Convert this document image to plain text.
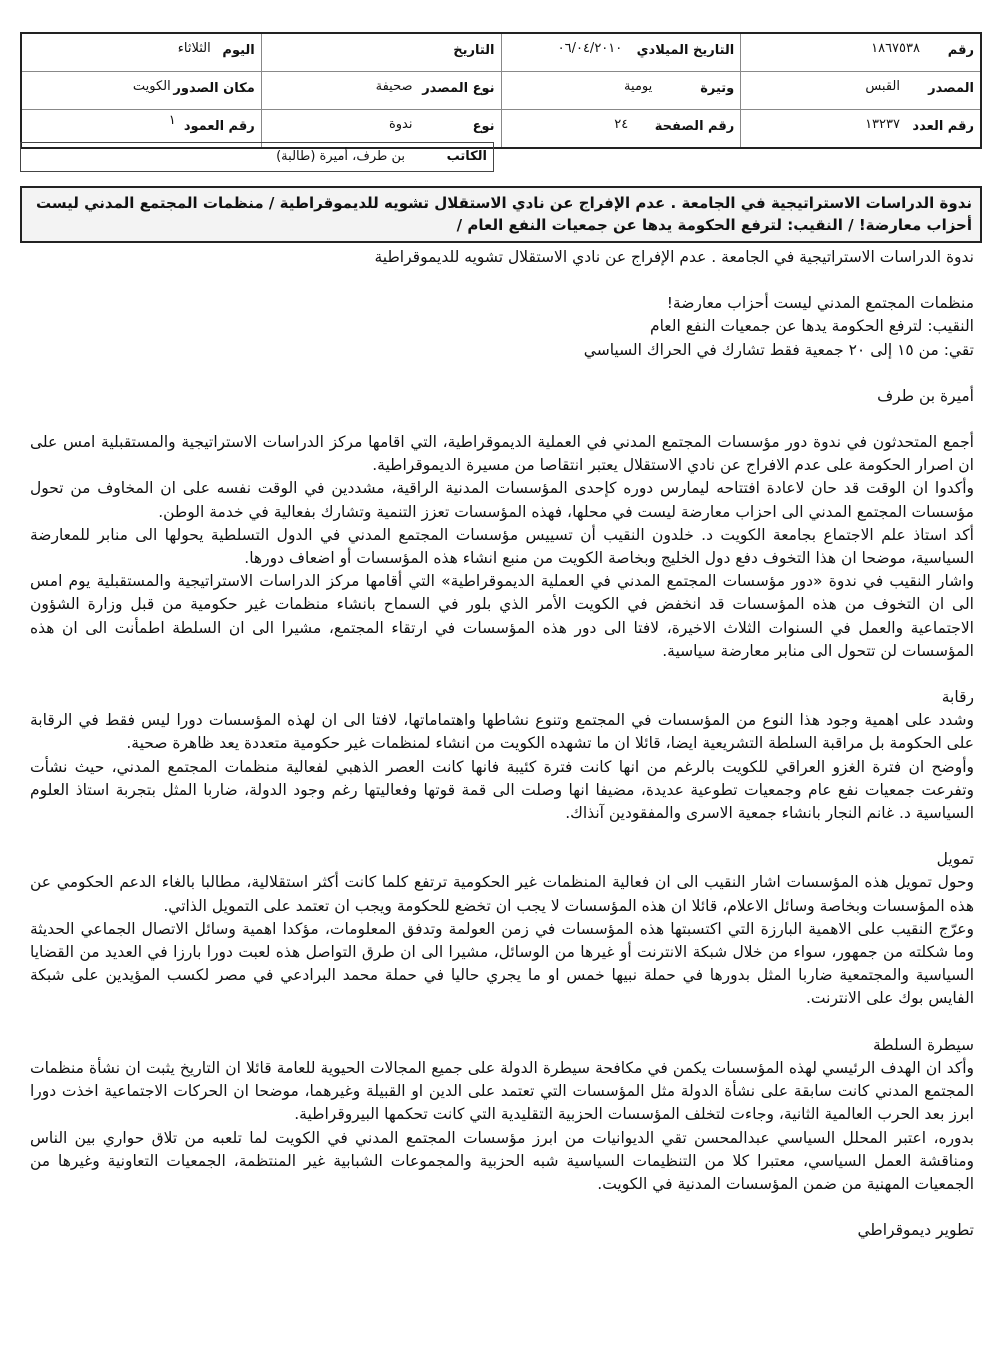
رقم
١٨٦٧٥٣٨
التاريخ الميلادي
٠٦/٠٤/٢٠١٠
التاريخ
اليوم
الثلاثاء
المصدر
القبس
وتيرة
يومية
نوع المصدر
صحيفة
مكان الصدور
الكويت
رقم العدد
١٣٢٣٧
رقم الصفحة
٢٤
نوع
ندوة
رقم العمود
١
الكاتب
بن طرف، أميرة (طالبة)
ندوة الدراسات الاستراتيجية في الجامعة . عدم الإفراج عن نادي الاستقلال تشويه للديموقراطية / منظمات المجتمع المدني ليست أحزاب معارضة! / النقيب: لترفع الحكومة يدها عن جمعيات النفع العام /

ندوة الدراسات الاستراتيجية في الجامعة . عدم الإفراج عن نادي الاستقلال تشويه للديموقراطية

منظمات المجتمع المدني ليست أحزاب معارضة!

النقيب: لترفع الحكومة يدها عن جمعيات النفع العام

تقي: من ١٥ إلى ٢٠ جمعية فقط تشارك في الحراك السياسي

أميرة بن طرف

أجمع المتحدثون في ندوة دور مؤسسات المجتمع المدني في العملية الديموقراطية، التي اقامها مركز الدراسات الاستراتيجية والمستقبلية امس على ان اصرار الحكومة على عدم الافراج عن نادي الاستقلال يعتبر انتقاصا من مسيرة الديموقراطية.

وأكدوا ان الوقت قد حان لاعادة افتتاحه ليمارس دوره كإحدى المؤسسات المدنية الراقية، مشددين في الوقت نفسه على ان المخاوف من تحول مؤسسات المجتمع المدني الى احزاب معارضة ليست في محلها، فهذه المؤسسات تعزز التنمية وتشارك بفعالية في خدمة الوطن.

أكد استاذ علم الاجتماع بجامعة الكويت د. خلدون النقيب أن تسييس مؤسسات المجتمع المدني في الدول التسلطية يحولها الى منابر للمعارضة السياسية، موضحا ان هذا التخوف دفع دول الخليج وبخاصة الكويت من منبع انشاء هذه المؤسسات أو اضعاف دورها.

واشار النقيب في ندوة «دور مؤسسات المجتمع المدني في العملية الديموقراطية» التي أقامها مركز الدراسات الاستراتيجية والمستقبلية يوم امس الى ان التخوف من هذه المؤسسات قد انخفض في الكويت الأمر الذي بلور في السماح بانشاء منظمات غير حكومية من قبل وزارة الشؤون الاجتماعية والعمل في السنوات الثلاث الاخيرة، لافتا الى دور هذه المؤسسات في ارتقاء المجتمع، مشيرا الى ان السلطة اطمأنت الى ان هذه المؤسسات لن تتحول الى منابر معارضة سياسية.

رقابة

وشدد على اهمية وجود هذا النوع من المؤسسات في المجتمع وتنوع نشاطها واهتماماتها، لافتا الى ان لهذه المؤسسات دورا ليس فقط في الرقابة على الحكومة بل مراقبة السلطة التشريعية ايضا، قائلا ان ما تشهده الكويت من انشاء لمنظمات غير حكومية متعددة يعد ظاهرة صحية.

وأوضح ان فترة الغزو العراقي للكويت بالرغم من انها كانت فترة كئيبة فانها كانت العصر الذهبي لفعالية منظمات المجتمع المدني، حيث نشأت وتفرعت جمعيات نفع عام وجمعيات تطوعية عديدة، مضيفا انها وصلت الى قمة قوتها وفعاليتها رغم وجود الدولة، ضاربا المثل بتجربة استاذ العلوم السياسية د. غانم النجار بانشاء جمعية الاسرى والمفقودين آنذاك.

تمويل

وحول تمويل هذه المؤسسات اشار النقيب الى ان فعالية المنظمات غير الحكومية ترتفع كلما كانت أكثر استقلالية، مطالبا بالغاء الدعم الحكومي عن هذه المؤسسات وبخاصة وسائل الاعلام، قائلا ان هذه المؤسسات لا يجب ان تخضع للحكومة ويجب ان تعتمد على التمويل الذاتي.

وعرّج النقيب على الاهمية البارزة التي اكتسبتها هذه المؤسسات في زمن العولمة وتدفق المعلومات، مؤكدا اهمية وسائل الاتصال الجماعي الحديثة وما شكلته من جمهور، سواء من خلال شبكة الانترنت أو غيرها من الوسائل، مشيرا الى ان طرق التواصل هذه لعبت دورا بارزا في العديد من القضايا السياسية والمجتمعية ضاربا المثل بدورها في حملة نبيها خمس او ما يجري حاليا في حملة محمد البرادعي في مصر لكسب المؤيدين على شبكة الفايس بوك على الانترنت.

سيطرة السلطة

وأكد ان الهدف الرئيسي لهذه المؤسسات يكمن في مكافحة سيطرة الدولة على جميع المجالات الحيوية للعامة قائلا ان التاريخ يثبت ان نشأة منظمات المجتمع المدني كانت سابقة على نشأة الدولة مثل المؤسسات التي تعتمد على الدين او القبيلة وغيرهما، موضحا ان الحركات الاجتماعية اخذت دورا ابرز بعد الحرب العالمية الثانية، وجاءت لتخلف المؤسسات الحزبية التقليدية التي كانت تحكمها البيروقراطية.

بدوره، اعتبر المحلل السياسي عبدالمحسن تقي الديوانيات من ابرز مؤسسات المجتمع المدني في الكويت لما تلعبه من تلاق حواري بين الناس ومناقشة العمل السياسي، معتبرا كلا من التنظيمات السياسية شبه الحزبية والمجموعات الشبابية غير المنتظمة، الجمعيات التعاونية وغيرها من الجمعيات المهنية من ضمن المؤسسات المدنية في الكويت.

تطوير ديموقراطي
